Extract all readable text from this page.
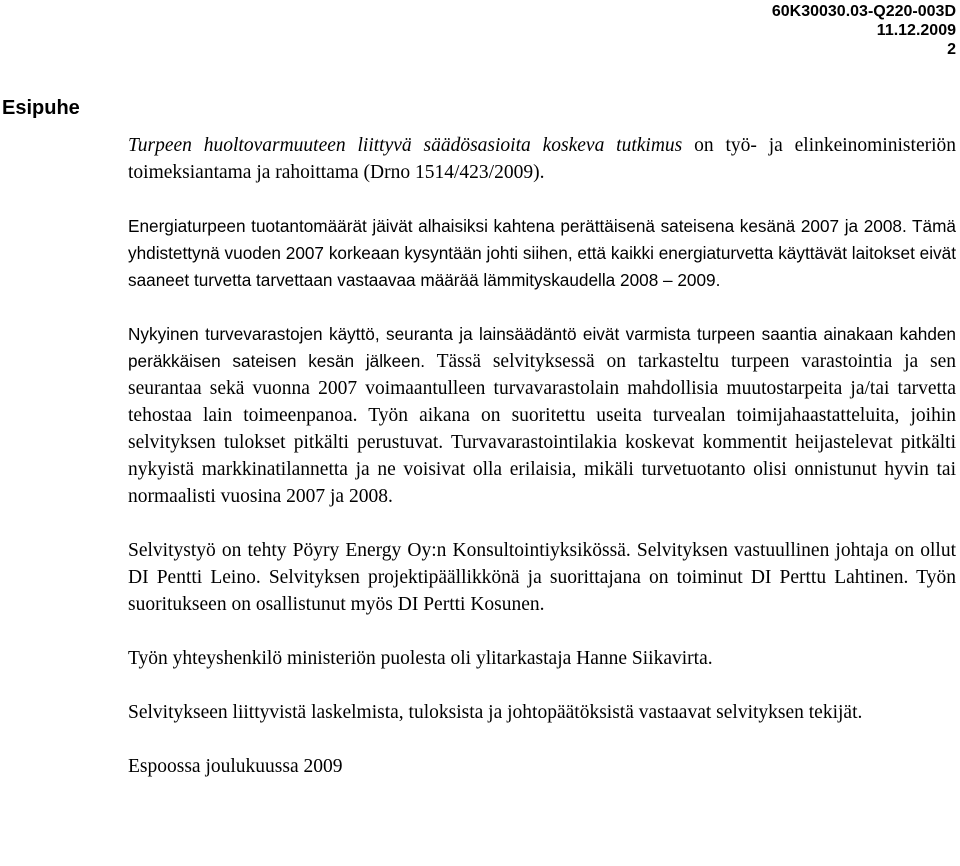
60K30030.03-Q220-003D
11.12.2009
2
Esipuhe

Turpeen huoltovarmuuteen liittyvä säädösasioita koskeva tutkimus on työ- ja elinkeinoministeriön toimeksiantama ja rahoittama (Drno 1514/423/2009).

Energiaturpeen tuotantomäärät jäivät alhaisiksi kahtena perättäisenä sateisena kesänä 2007 ja 2008. Tämä yhdistettynä vuoden 2007 korkeaan kysyntään johti siihen, että kaikki energiaturvetta käyttävät laitokset eivät saaneet turvetta tarvettaan vastaavaa määrää lämmityskaudella 2008 – 2009.

Nykyinen turvevarastojen käyttö, seuranta ja lainsäädäntö eivät varmista turpeen saantia ainakaan kahden peräkkäisen sateisen kesän jälkeen. Tässä selvityksessä on tarkasteltu turpeen varastointia ja sen seurantaa sekä vuonna 2007 voimaantulleen turvavarastolain mahdollisia muutostarpeita ja/tai tarvetta tehostaa lain toimeenpanoa. Työn aikana on suoritettu useita turvealan toimijahaastatteluita, joihin selvityksen tulokset pitkälti perustuvat. Turvavarastointilakia koskevat kommentit heijastelevat pitkälti nykyistä markkinatilannetta ja ne voisivat olla erilaisia, mikäli turvetuotanto olisi onnistunut hyvin tai normaalisti vuosina 2007 ja 2008.

Selvitystyö on tehty Pöyry Energy Oy:n Konsultointiyksikössä. Selvityksen vastuullinen johtaja on ollut DI Pentti Leino. Selvityksen projektipäällikkönä ja suorittajana on toiminut DI Perttu Lahtinen. Työn suoritukseen on osallistunut myös DI Pertti Kosunen.

Työn yhteyshenkilö ministeriön puolesta oli ylitarkastaja Hanne Siikavirta.

Selvitykseen liittyvistä laskelmista, tuloksista ja johtopäätöksistä vastaavat selvityksen tekijät.

Espoossa joulukuussa 2009
